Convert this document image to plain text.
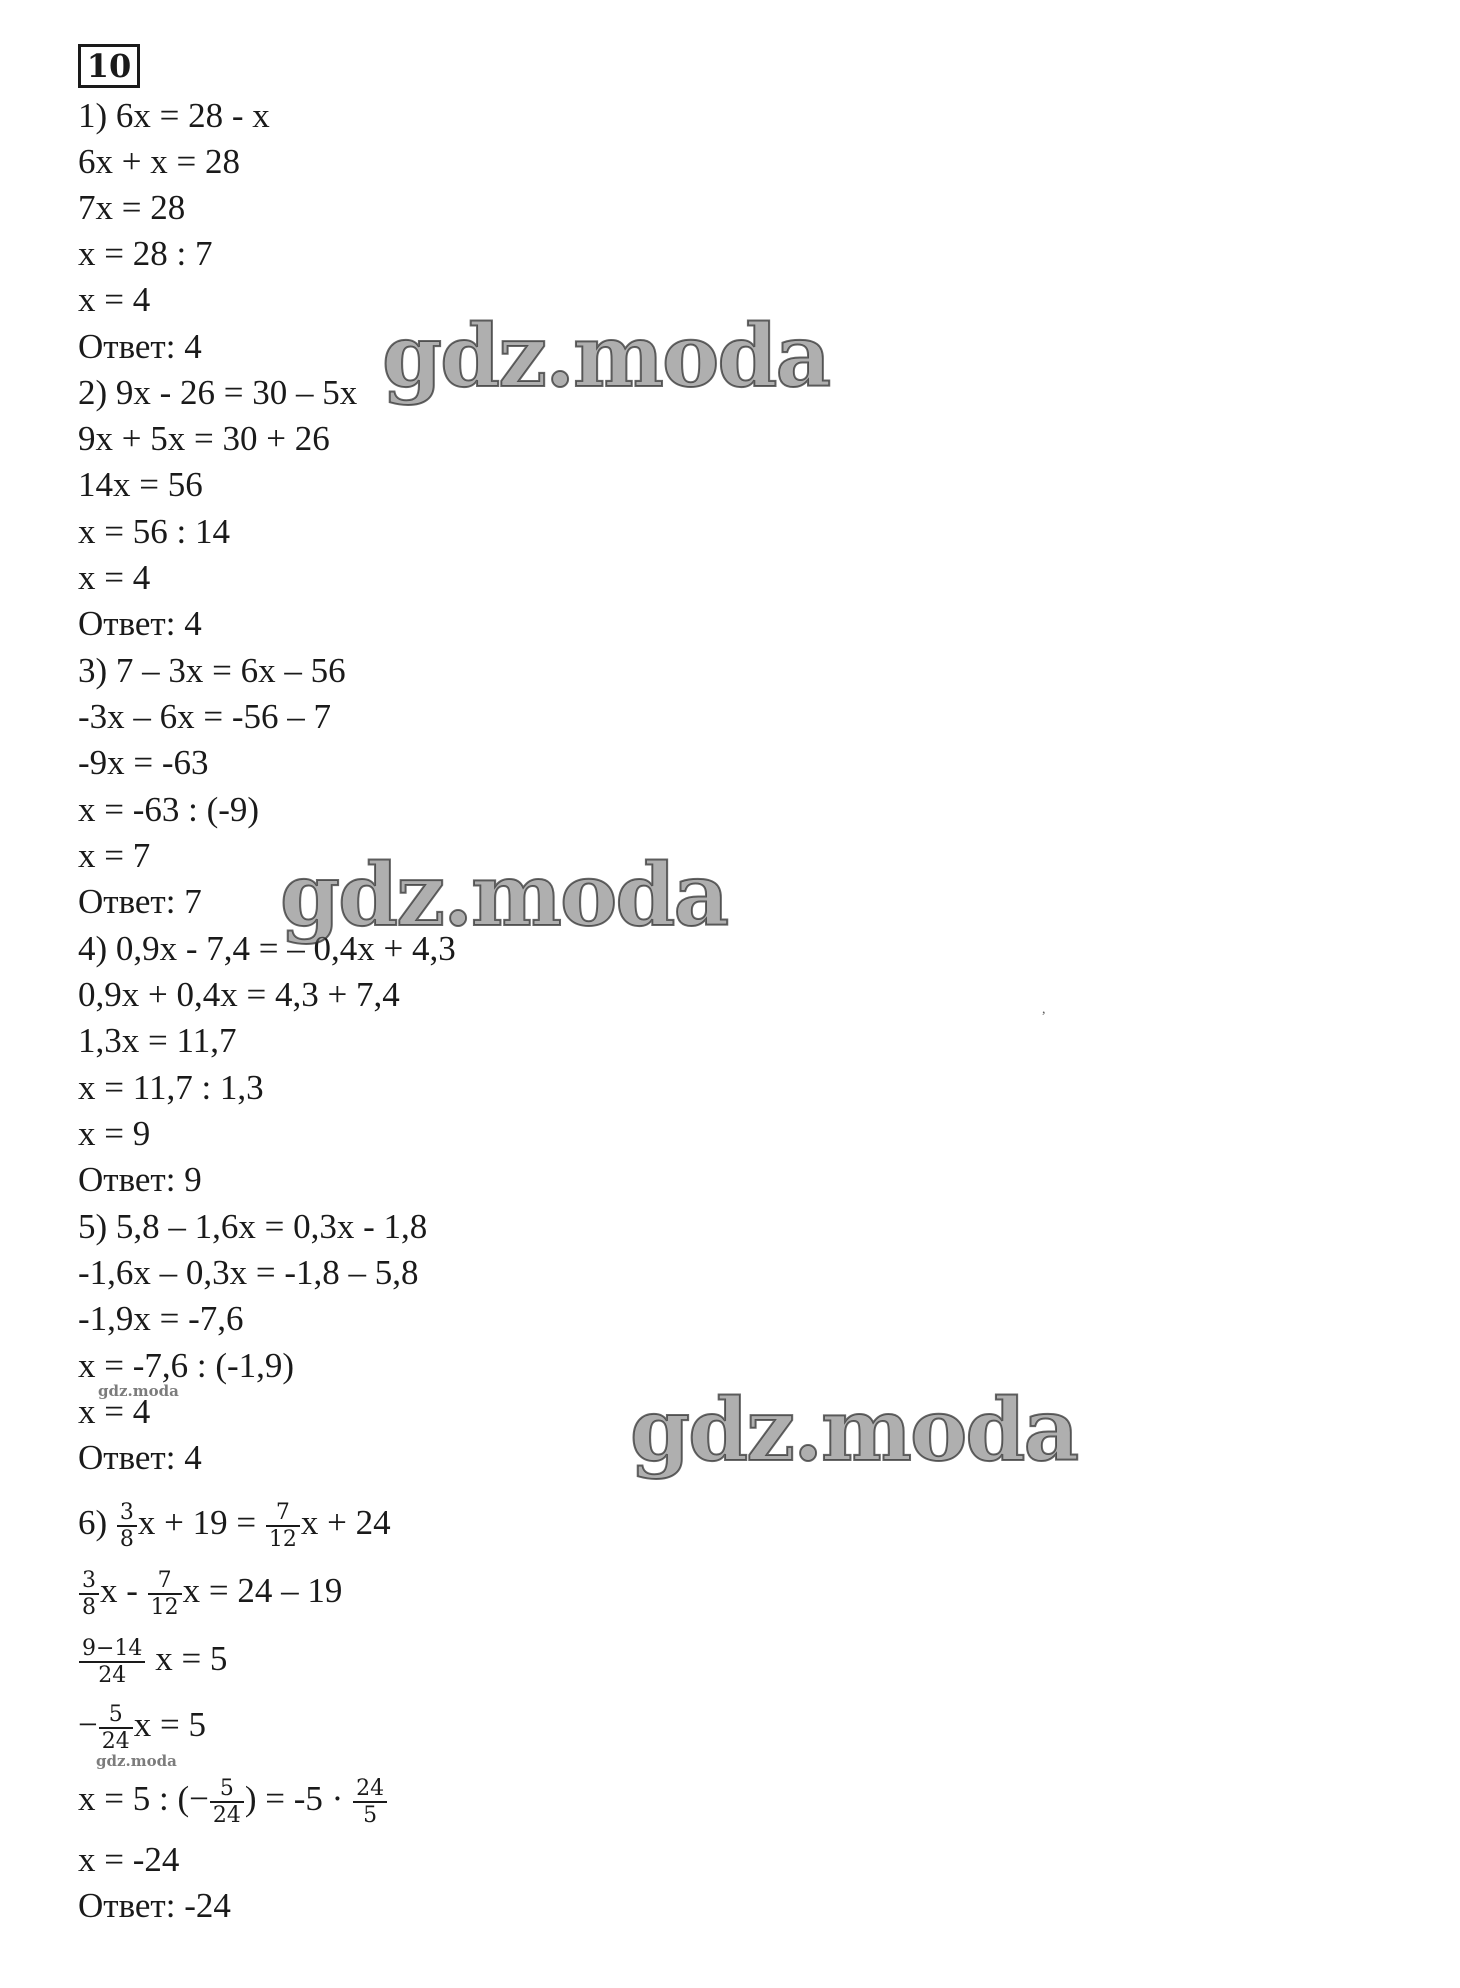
10
1) 6x = 28 - x
6x + x = 28
7x = 28
x = 28 : 7
x = 4
Ответ: 4
2) 9x - 26 = 30 – 5x
9x + 5x = 30 + 26
14x = 56
x = 56 : 14
x = 4
Ответ: 4
3) 7 – 3x = 6x – 56
-3x – 6x = -56 – 7
-9x = -63
x = -63 : (-9)
x = 7
Ответ: 7
4) 0,9x - 7,4 = – 0,4x + 4,3
0,9x + 0,4x = 4,3 + 7,4
1,3x = 11,7
x = 11,7 : 1,3
x = 9
Ответ: 9
5) 5,8 – 1,6x = 0,3x - 1,8
-1,6x – 0,3x = -1,8 – 5,8
-1,9x = -7,6
x = -7,6 : (-1,9)
x = 4
Ответ: 4
$6) \frac{3}{8}$ $x + 19 = \frac{7}{12}$ x + 24
$\frac{3}{8}$ x - $\frac{7}{12}$ x = 24 – 19
$\frac{9-14}{24}$ x = 5
− $\frac{5}{24}$ x = 5
x = 5 : (− $\frac{5}{24}$ ) = $-5 \cdot \frac{24}{5}$
x = -24
Ответ: -24
gdz.moda
gdz.moda
gdz.moda
gdz.moda
gdz.moda
,
